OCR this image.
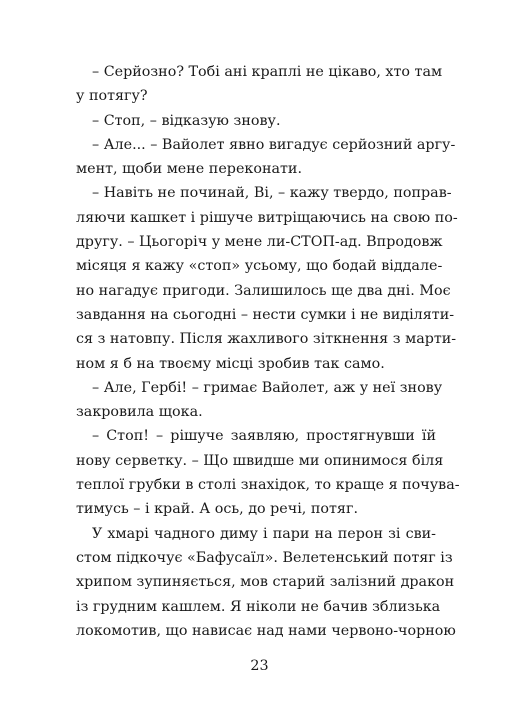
– Серйозно? Тобі ані краплі не цікаво, хто там
у потягу?
– Стоп, – відказую знову.
– Але... – Вайолет явно вигадує серйозний аргу-
мент, щоби мене переконати.
– Навіть не починай, Ві, – кажу твердо, поправ-
ляючи кашкет і рішуче витріщаючись на свою по-
другу. – Цьогоріч у мене ли-СТОП-ад. Впродовж
місяця я кажу «стоп» усьому, що бодай віддале-
но нагадує пригоди. Залишилось ще два дні. Моє
завдання на сьогодні – нести сумки і не виділяти-
ся з натовпу. Після жахливого зіткнення з марти-
ном я б на твоєму місці зробив так само.
– Але, Гербі! – гримає Вайолет, аж у неї знову
закровила щока.
– Стоп! – рішуче заявляю, простягнувши їй
нову серветку. – Що швидше ми опинимося біля
теплої грубки в столі знахідок, то краще я почува-
тимусь – і край. А ось, до речі, потяг.
У хмарі чадного диму і пари на перон зі сви-
стом підкочує «Бафусаїл». Велетенський потяг із
хрипом зупиняється, мов старий залізний дракон
із грудним кашлем. Я ніколи не бачив зблизька
локомотив, що нависає над нами червоно-чорною
23
